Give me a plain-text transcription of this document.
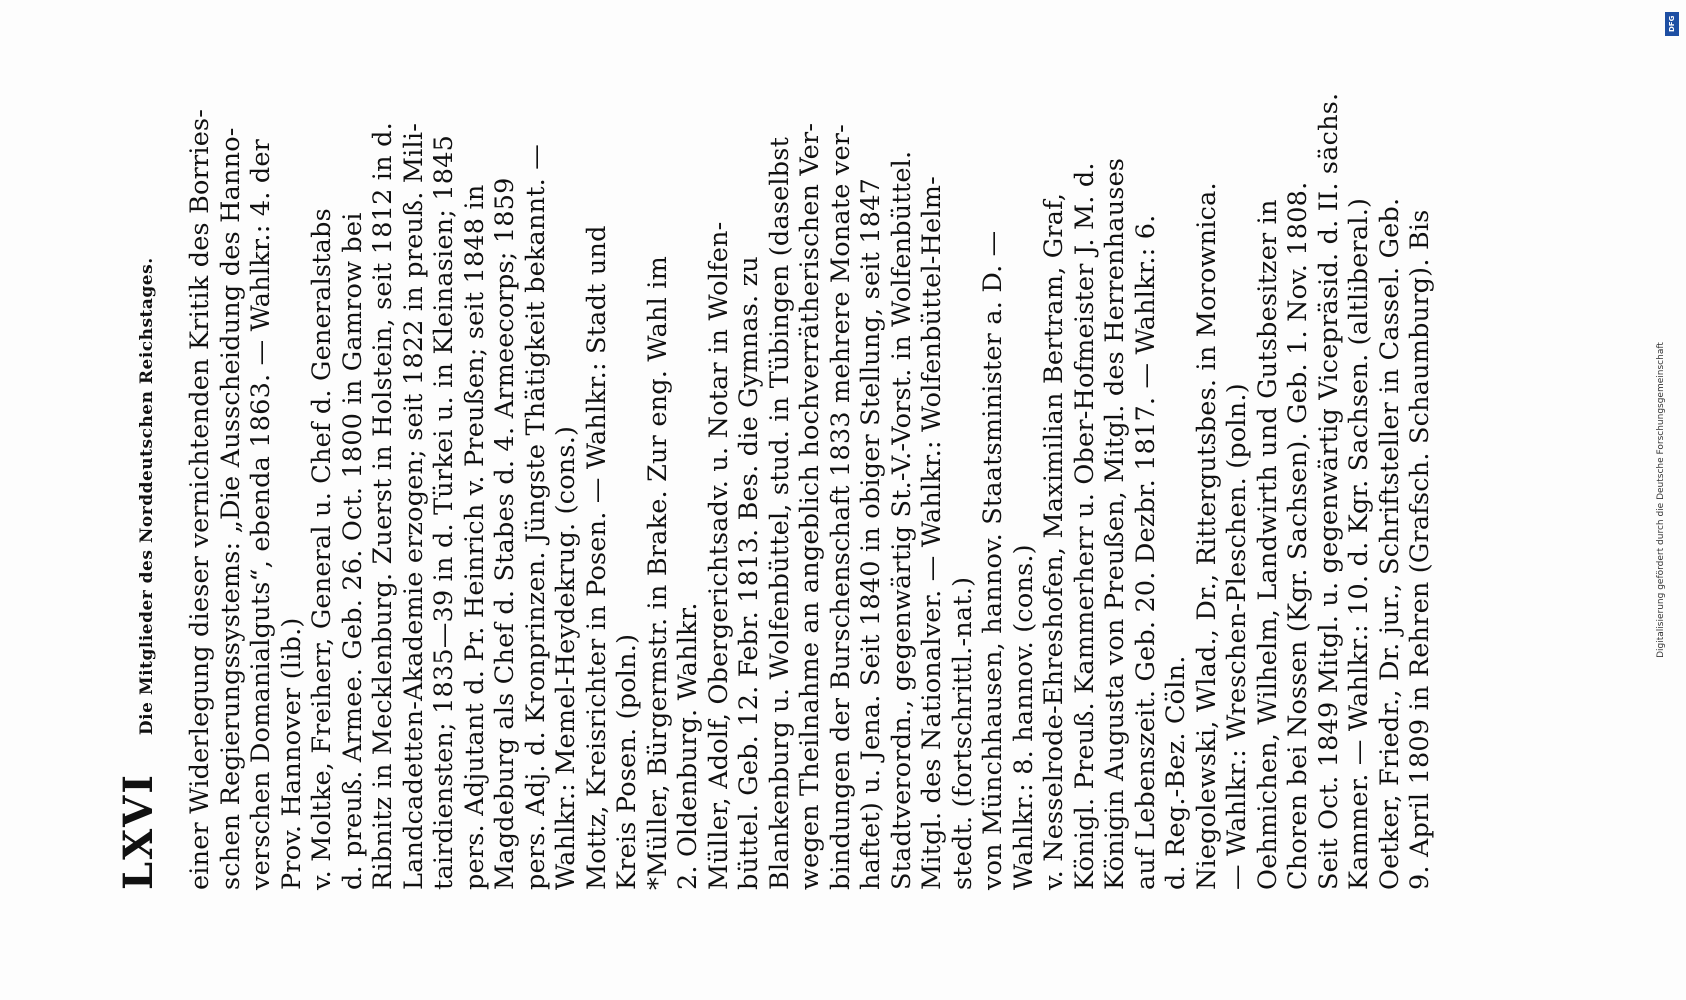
LXVI
Die Mitglieder des Norddeutschen Reichstages. einer Widerlegung dieser vernichtenden Kritik des Borries- schen Regierungssystems: „Die Ausscheidung des Hanno- verschen Domanialguts“, ebenda 1863. — Wahlkr.: 4. der Prov. Hannover (lib.) v. Moltke, Freiherr, General u. Chef d. Generalstabs d. preuß. Armee. Geb. 26. Oct. 1800 in Gamrow bei Ribnitz in Mecklenburg. Zuerst in Holstein, seit 1812 in d. Landcadetten-Akademie erzogen; seit 1822 in preuß. Mili- tairdiensten; 1835—39 in d. Türkei u. in Kleinasien; 1845 pers. Adjutant d. Pr. Heinrich v. Preußen; seit 1848 in Magdeburg als Chef d. Stabes d. 4. Armeecorps; 1859 pers. Adj. d. Kronprinzen. Jüngste Thätigkeit bekannt. — Wahlkr.: Memel-Heydekrug. (cons.) Mottz, Kreisrichter in Posen. — Wahlkr.: Stadt und Kreis Posen. (poln.) *Müller, Bürgermstr. in Brake. Zur eng. Wahl im 2. Oldenburg. Wahlkr. Müller, Adolf, Obergerichtsadv. u. Notar in Wolfen- büttel. Geb. 12. Febr. 1813. Bes. die Gymnas. zu Blankenburg u. Wolfenbüttel, stud. in Tübingen (daselbst wegen Theilnahme an angeblich hochverrätherischen Ver- bindungen der Burschenschaft 1833 mehrere Monate ver- haftet) u. Jena. Seit 1840 in obiger Stellung, seit 1847 Stadtverordn., gegenwärtig St.-V.-Vorst. in Wolfenbüttel. Mitgl. des Nationalver. — Wahlkr.: Wolfenbüttel-Helm- stedt. (fortschrittl.-nat.) von Münchhausen, hannov. Staatsminister a. D. — Wahlkr.: 8. hannov. (cons.) v. Nesselrode-Ehreshofen, Maximilian Bertram, Graf, Königl. Preuß. Kammerherr u. Ober-Hofmeister J. M. d. Königin Augusta von Preußen, Mitgl. des Herrenhauses auf Lebenszeit. Geb. 20. Dezbr. 1817. — Wahlkr.: 6. d. Reg.-Bez. Cöln. Niegolewski, Wlad., Dr., Rittergutsbes. in Morownica. — Wahlkr.: Wreschen-Pleschen. (poln.) Oehmichen, Wilhelm, Landwirth und Gutsbesitzer in Choren bei Nossen (Kgr. Sachsen). Geb. 1. Nov. 1808. Seit Oct. 1849 Mitgl. u. gegenwärtig Vicepräsid. d. II. sächs. Kammer. — Wahlkr.: 10. d. Kgr. Sachsen. (altliberal.) Oetker, Friedr., Dr. jur., Schriftsteller in Cassel. Geb. 9. April 1809 in Rehren (Grafsch. Schaumburg). Bis	Digitalisierung gefördert durch die Deutsche Forschungsgemeinschaft
DFG
